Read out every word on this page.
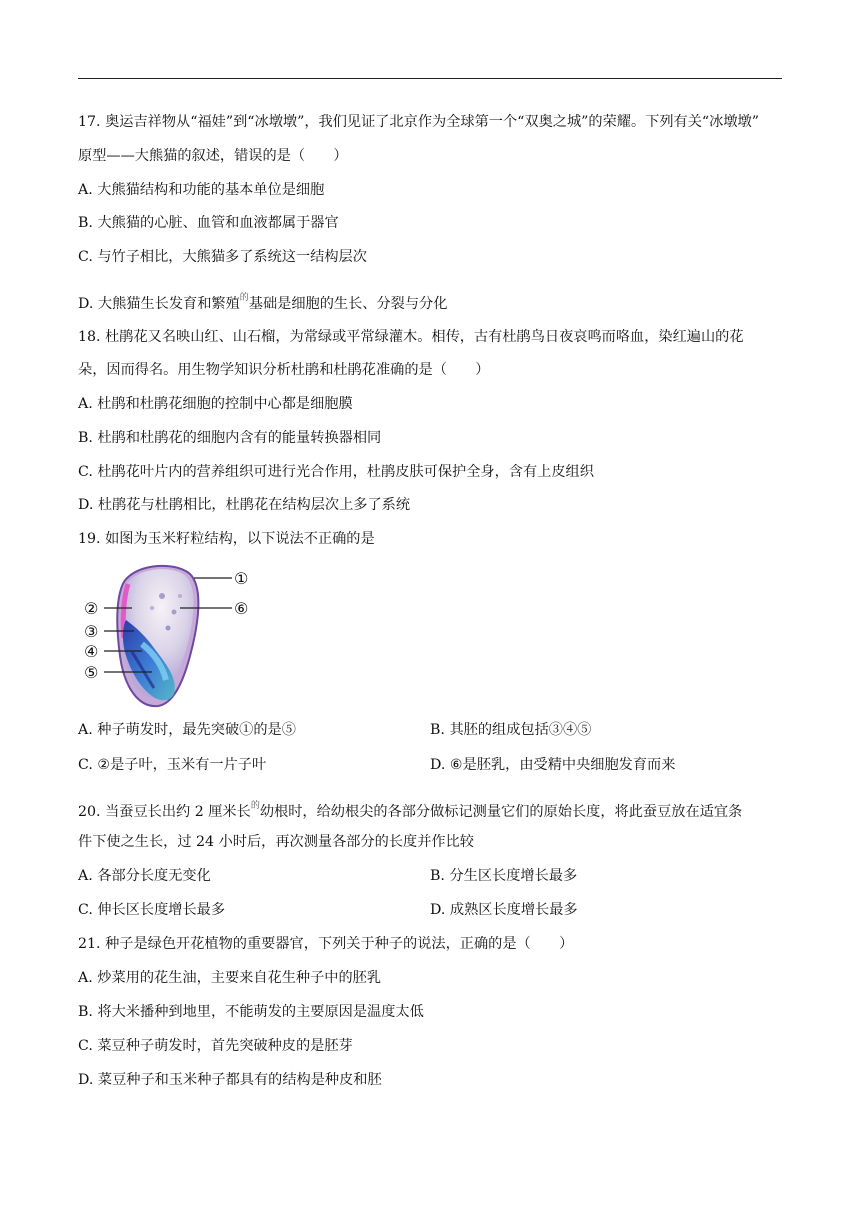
17. 奥运吉祥物从“福娃”到“冰墩墩”，我们见证了北京作为全球第一个“双奥之城”的荣耀。下列有关“冰墩墩”
原型——大熊猫的叙述，错误的是（　　）
A. 大熊猫结构和功能的基本单位是细胞
B. 大熊猫的心脏、血管和血液都属于器官
C. 与竹子相比，大熊猫多了系统这一结构层次
D. 大熊猫生长发育和繁殖$^的$基础是细胞的生长、分裂与分化
18. 杜鹃花又名映山红、山石榴，为常绿或平常绿灌木。相传，古有杜鹃鸟日夜哀鸣而咯血，染红遍山的花
朵，因而得名。用生物学知识分析杜鹃和杜鹃花准确的是（　　）
A. 杜鹃和杜鹃花细胞的控制中心都是细胞膜
B. 杜鹃和杜鹃花的细胞内含有的能量转换器相同
C. 杜鹃花叶片内的营养组织可进行光合作用，杜鹃皮肤可保护全身，含有上皮组织
D. 杜鹃花与杜鹃相比，杜鹃花在结构层次上多了系统
19. 如图为玉米籽粒结构，以下说法不正确的是
①
⑥
②
③
④
⑤
A. 种子萌发时，最先突破①的是⑤	B. 其胚的组成包括③④⑤
C. ②是子叶，玉米有一片子叶	D. ⑥是胚乳，由受精中央细胞发育而来
20. 当蚕豆长出约 2 厘米长$^的$幼根时，给幼根尖的各部分做标记测量它们的原始长度，将此蚕豆放在适宜条
件下使之生长，过 24 小时后，再次测量各部分的长度并作比较
A. 各部分长度无变化	B. 分生区长度增长最多
C. 伸长区长度增长最多	D. 成熟区长度增长最多
21. 种子是绿色开花植物的重要器官，下列关于种子的说法，正确的是（　　）
A. 炒菜用的花生油，主要来自花生种子中的胚乳
B. 将大米播种到地里，不能萌发的主要原因是温度太低
C. 菜豆种子萌发时，首先突破种皮的是胚芽
D. 菜豆种子和玉米种子都具有的结构是种皮和胚
